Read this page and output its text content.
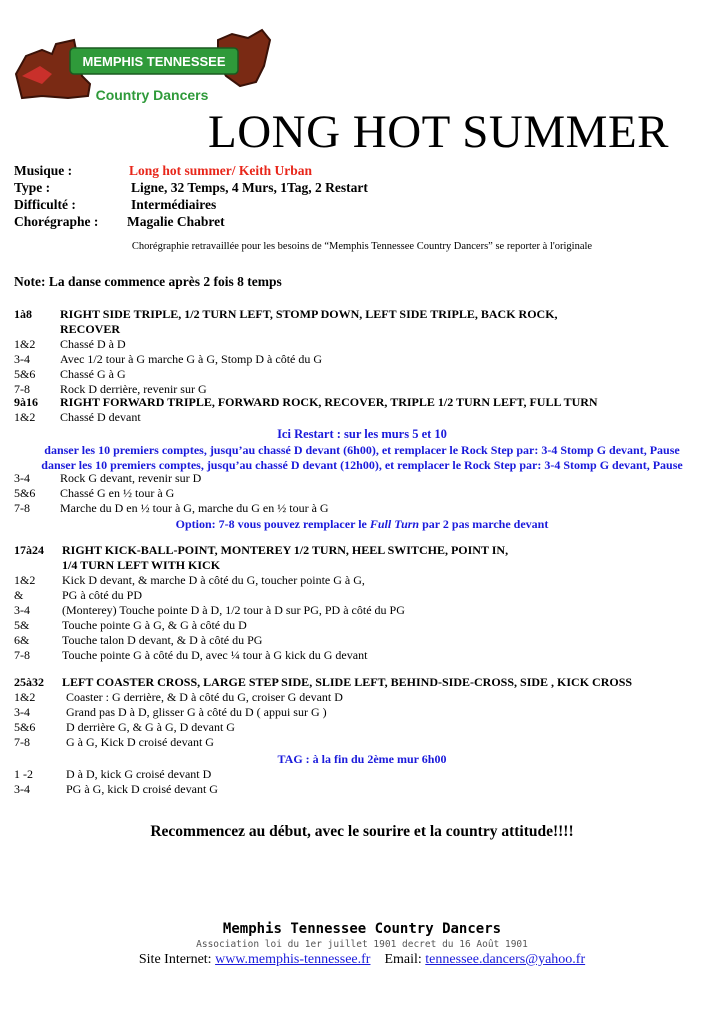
MEMPHIS TENNESSEE
Country Dancers
LONG HOT SUMMER
Musique :	Long hot summer/ Keith Urban
Type :	Ligne, 32 Temps, 4 Murs, 1Tag, 2 Restart
Difficulté :	Intermédiaires
Chorégraphe : Magalie Chabret
Chorégraphie retravaillée pour les besoins de “Memphis Tennessee Country Dancers” se reporter à l'originale
Note: La danse commence après 2 fois 8 temps
1à8 RIGHT SIDE TRIPLE, 1/2 TURN LEFT, STOMP DOWN, LEFT SIDE TRIPLE, BACK ROCK,
RECOVER
1&2 Chassé D à D
3-4	Avec 1/2 tour à G marche G à G, Stomp D à côté du G
5&6 Chassé G à G
7-8	Rock D derrière, revenir sur G
9à16 RIGHT FORWARD TRIPLE, FORWARD ROCK, RECOVER, TRIPLE 1/2 TURN LEFT, FULL TURN
1&2 Chassé D devant
Ici Restart : sur les murs 5 et 10
danser les 10 premiers comptes, jusqu’au chassé D devant (6h00), et remplacer le Rock Step par: 3-4 Stomp G devant, Pause
danser les 10 premiers comptes, jusqu’au chassé D devant (12h00), et remplacer le Rock Step par: 3-4 Stomp G devant, Pause
3-4	Rock G devant, revenir sur D
5&6 Chassé G en ½ tour à G
7-8	Marche du D en ½ tour à G, marche du G en ½ tour à G
Option: 7-8 vous pouvez remplacer le Full Turn par 2 pas marche devant
17à24 RIGHT KICK-BALL-POINT, MONTEREY 1/2 TURN, HEEL SWITCHE, POINT IN,
1/4 TURN LEFT WITH KICK
1&2 Kick D devant, & marche D à côté du G, toucher pointe G à G,
&	PG à côté du PD
3-4	(Monterey) Touche pointe D à D, 1/2 tour à D sur PG, PD à côté du PG
5&	Touche pointe G à G, & G à côté du D
6&	Touche talon D devant, & D à côté du PG
7-8	Touche pointe G à côté du D, avec ¼ tour à G kick du G devant
25à32 LEFT COASTER CROSS, LARGE STEP SIDE, SLIDE LEFT, BEHIND-SIDE-CROSS, SIDE , KICK CROSS
1&2	Coaster : G derrière, & D à côté du G, croiser G devant D
3-4	Grand pas D à D, glisser G à côté du D ( appui sur G )
5&6	D derrière G, & G à G, D devant G
7-8	G à G, Kick D croisé devant G
TAG : à la fin du 2ème mur 6h00
1 -2	D à D, kick G croisé devant D
3-4	PG à G, kick D croisé devant G
Recommencez au début, avec le sourire et la country attitude!!!!
Memphis Tennessee Country Dancers
Association loi du 1er juillet 1901 decret du 16 Août 1901
Site Internet: www.memphis-tennessee.fr Email: tennessee.dancers@yahoo.fr
